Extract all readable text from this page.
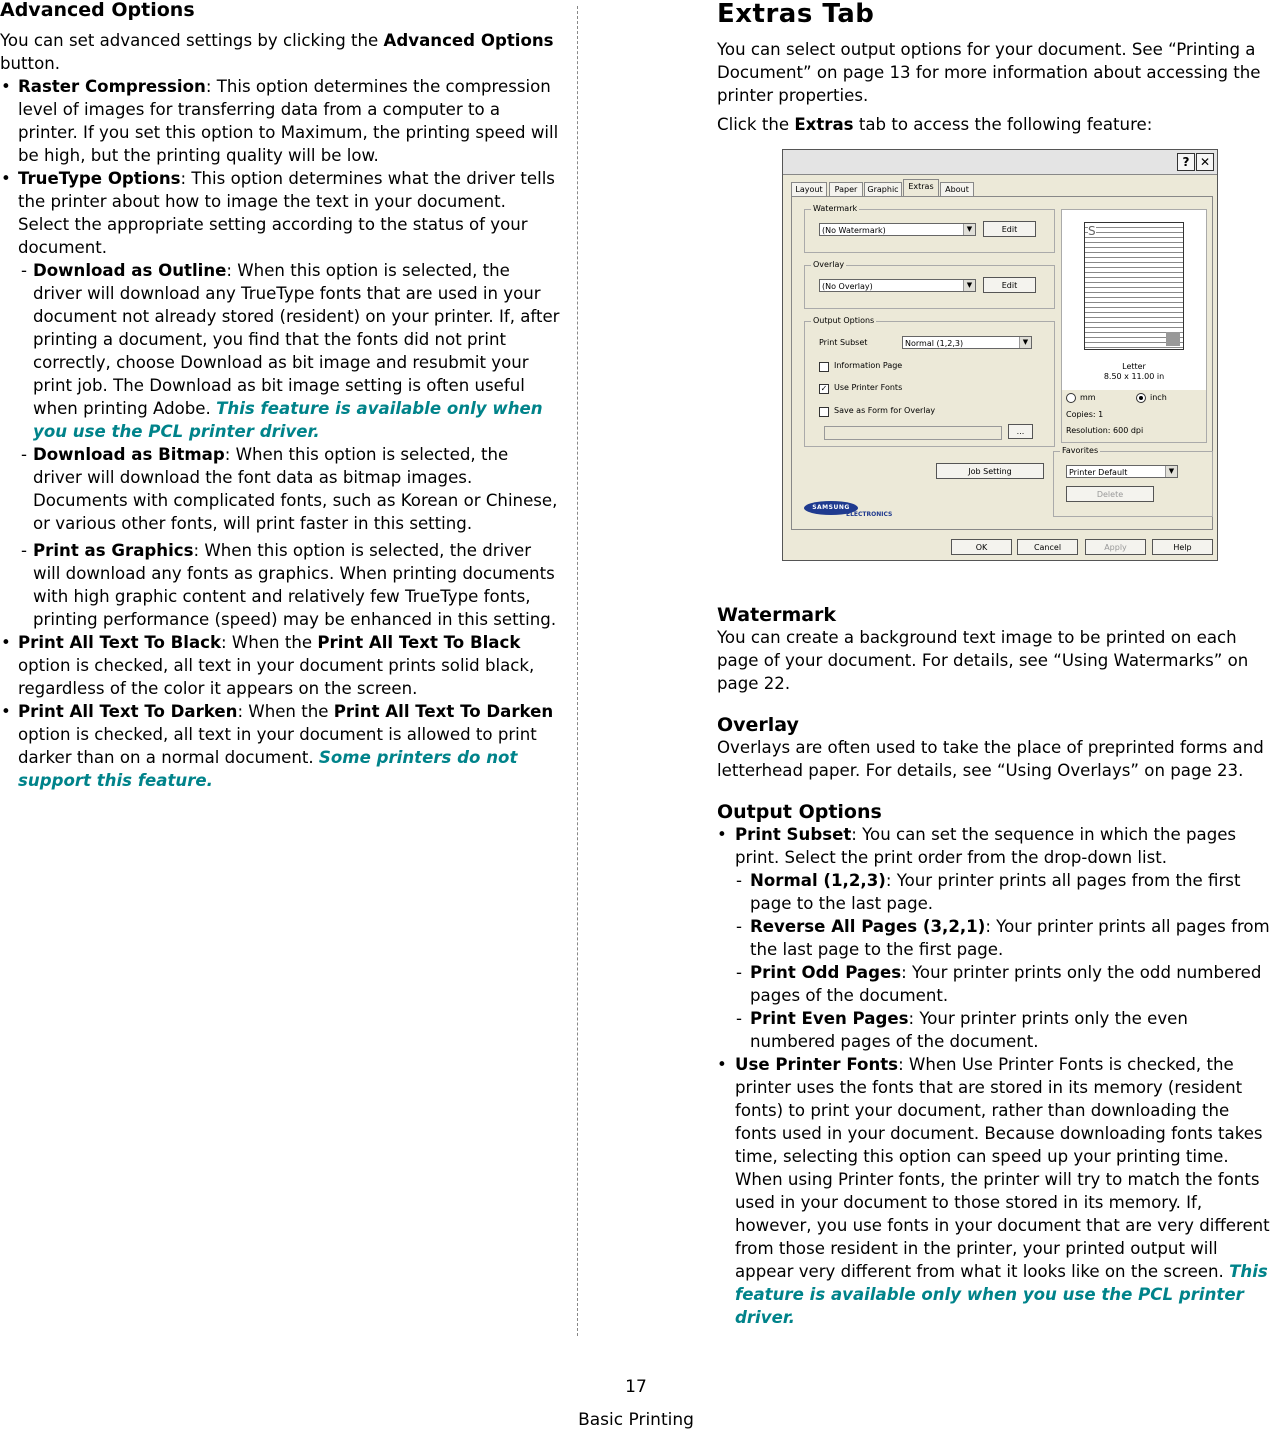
Advanced Options

You can set advanced settings by clicking the Advanced Options button.

• Raster Compression: This option determines the compression level of images for transferring data from a computer to a printer. If you set this option to Maximum, the printing speed will be high, but the printing quality will be low.
• TrueType Options: This option determines what the driver tells the printer about how to image the text in your document. Select the appropriate setting according to the status of your document.
- Download as Outline: When this option is selected, the driver will download any TrueType fonts that are used in your document not already stored (resident) on your printer. If, after printing a document, you find that the fonts did not print correctly, choose Download as bit image and resubmit your print job. The Download as bit image setting is often useful when printing Adobe. This feature is available only when you use the PCL printer driver.
- Download as Bitmap: When this option is selected, the driver will download the font data as bitmap images. Documents with complicated fonts, such as Korean or Chinese, or various other fonts, will print faster in this setting.
- Print as Graphics: When this option is selected, the driver will download any fonts as graphics. When printing documents with high graphic content and relatively few TrueType fonts, printing performance (speed) may be enhanced in this setting.
• Print All Text To Black: When the Print All Text To Black option is checked, all text in your document prints solid black, regardless of the color it appears on the screen.
• Print All Text To Darken: When the Print All Text To Darken option is checked, all text in your document is allowed to print darker than on a normal document. Some printers do not support this feature.
Extras Tab

You can select output options for your document. See “Printing a Document” on page 13 for more information about accessing the printer properties.

Click the Extras tab to access the following feature:

Watermark

You can create a background text image to be printed on each page of your document. For details, see “Using Watermarks” on page 22.

Overlay

Overlays are often used to take the place of preprinted forms and letterhead paper. For details, see “Using Overlays” on page 23.

Output Options
• Print Subset: You can set the sequence in which the pages print. Select the print order from the drop-down list.
- Normal (1,2,3): Your printer prints all pages from the first page to the last page.
- Reverse All Pages (3,2,1): Your printer prints all pages from the last page to the first page.
- Print Odd Pages: Your printer prints only the odd numbered pages of the document.
- Print Even Pages: Your printer prints only the even numbered pages of the document.
• Use Printer Fonts: When Use Printer Fonts is checked, the printer uses the fonts that are stored in its memory (resident fonts) to print your document, rather than downloading the fonts used in your document. Because downloading fonts takes time, selecting this option can speed up your printing time. When using Printer fonts, the printer will try to match the fonts used in your document to those stored in its memory. If, however, you use fonts in your document that are very different from those resident in the printer, your printed output will appear very different from what it looks like on the screen. This feature is available only when you use the PCL printer driver.
? ✕
Layout	Paper	Graphic	Extras	About
Watermark
(No Watermark)	▼	Edit
Overlay
(No Overlay)	▼	Edit
Output Options
Print Subset	Normal (1,2,3)	▼
Information Page
✓ Use Printer Fonts
Save as Form for Overlay
...
S
Letter
8.50 x 11.00 in
mm	inch
Copies: 1
Resolution: 600 dpi
Favorites
Printer Default	▼
Delete
Job Setting
SAMSUNG
ELECTRONICS
OK	Cancel	Apply	Help
17
Basic Printing
